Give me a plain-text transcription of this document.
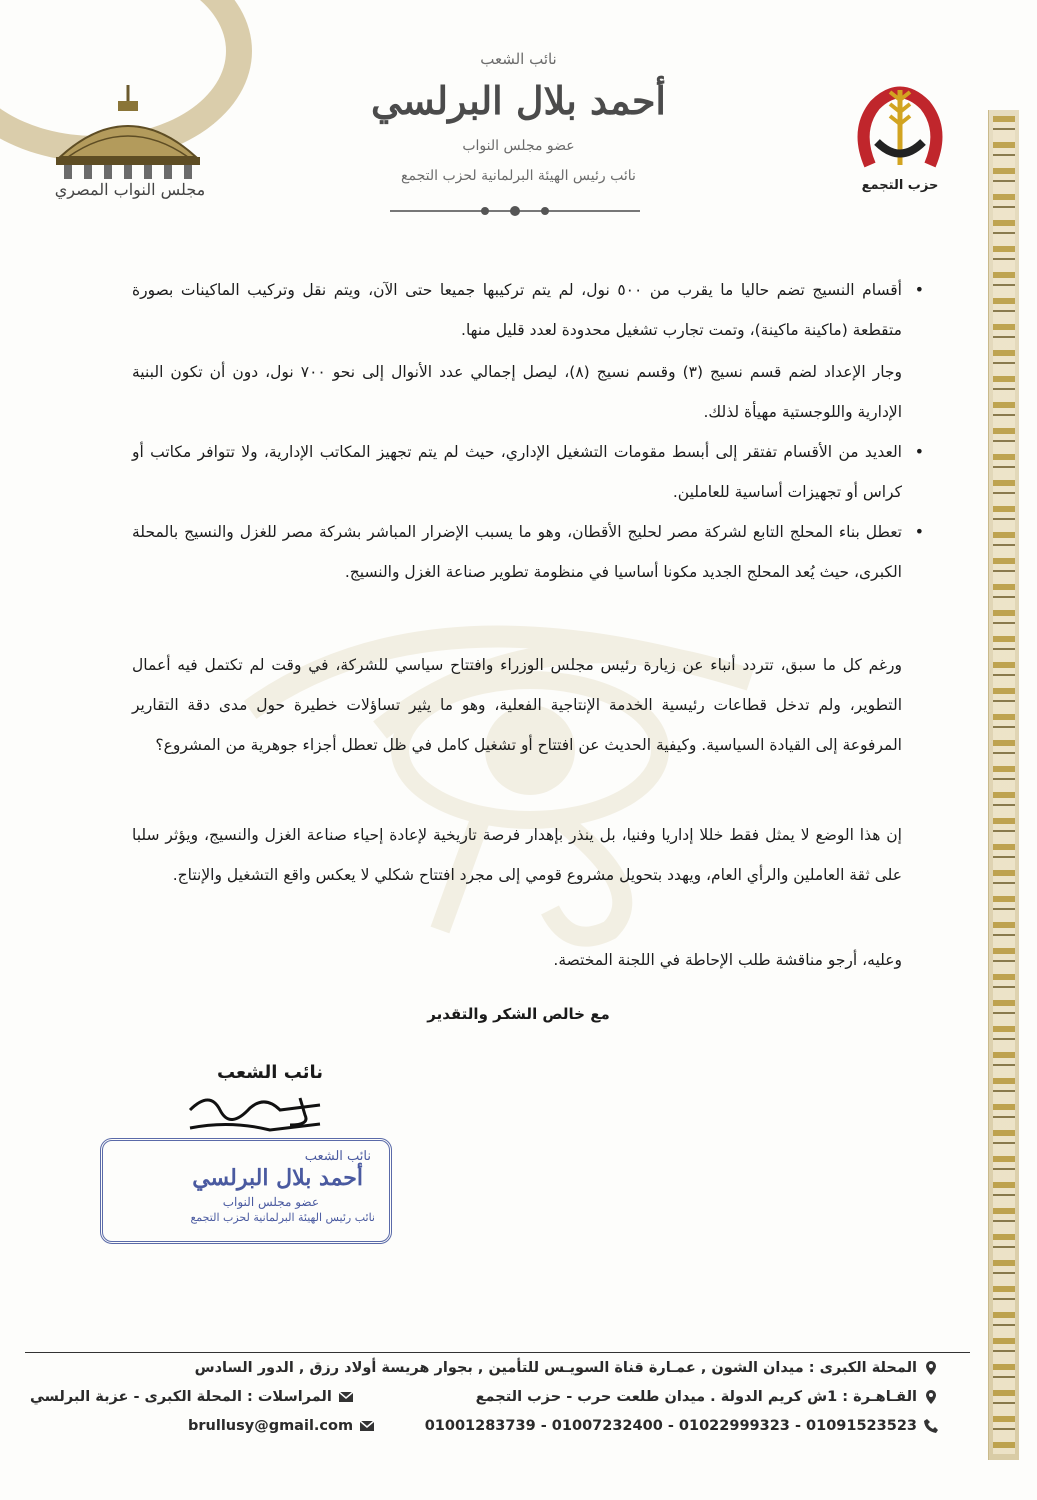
نائب الشعب
أحمد بلال البرلسي
عضو مجلس النواب
نائب رئيس الهيئة البرلمانية لحزب التجمع
مجلس النواب المصري	حزب التجمع
•
أقسام النسيج تضم حاليا ما يقرب من ٥٠٠ نول، لم يتم تركيبها جميعا حتى الآن، ويتم نقل وتركيب الماكينات بصورة متقطعة (ماكينة ماكينة)، وتمت تجارب تشغيل محدودة لعدد قليل منها.
وجار الإعداد لضم قسم نسيج (٣) وقسم نسيج (٨)، ليصل إجمالي عدد الأنوال إلى نحو ٧٠٠ نول، دون أن تكون البنية الإدارية واللوجستية مهيأة لذلك.
•
العديد من الأقسام تفتقر إلى أبسط مقومات التشغيل الإداري، حيث لم يتم تجهيز المكاتب الإدارية، ولا تتوافر مكاتب أو كراس أو تجهيزات أساسية للعاملين.
•
تعطل بناء المحلج التابع لشركة مصر لحليج الأقطان، وهو ما يسبب الإضرار المباشر بشركة مصر للغزل والنسيج بالمحلة الكبرى، حيث يُعد المحلج الجديد مكونا أساسيا في منظومة تطوير صناعة الغزل والنسيج.
ورغم كل ما سبق، تتردد أنباء عن زيارة رئيس مجلس الوزراء وافتتاح سياسي للشركة، في وقت لم تكتمل فيه أعمال التطوير، ولم تدخل قطاعات رئيسية الخدمة الإنتاجية الفعلية، وهو ما يثير تساؤلات خطيرة حول مدى دقة التقارير المرفوعة إلى القيادة السياسية. وكيفية الحديث عن افتتاح أو تشغيل كامل في ظل تعطل أجزاء جوهرية من المشروع؟
إن هذا الوضع لا يمثل فقط خللا إداريا وفنيا، بل ينذر بإهدار فرصة تاريخية لإعادة إحياء صناعة الغزل والنسيج، ويؤثر سلبا على ثقة العاملين والرأي العام، ويهدد بتحويل مشروع قومي إلى مجرد افتتاح شكلي لا يعكس واقع التشغيل والإنتاج.
وعليه، أرجو مناقشة طلب الإحاطة في اللجنة المختصة.
مع خالص الشكر والتقدير
نائب الشعب
نائب الشعب
أحمد بلال البرلسي
عضو مجلس النواب
نائب رئيس الهيئة البرلمانية لحزب التجمع
المحلة الكبرى : ميدان الشون , عمـارة قناة السويـس للتأمين , بجوار هريسة أولاد رزق , الدور السادس
القـاهـرة : 1ش كريم الدولة . ميدان طلعت حرب - حزب التجمع
المراسلات : المحلة الكبرى - عزبة البرلسي
01091523523 - 01022999323 - 01007232400 - 01001283739
brullusy@gmail.com
